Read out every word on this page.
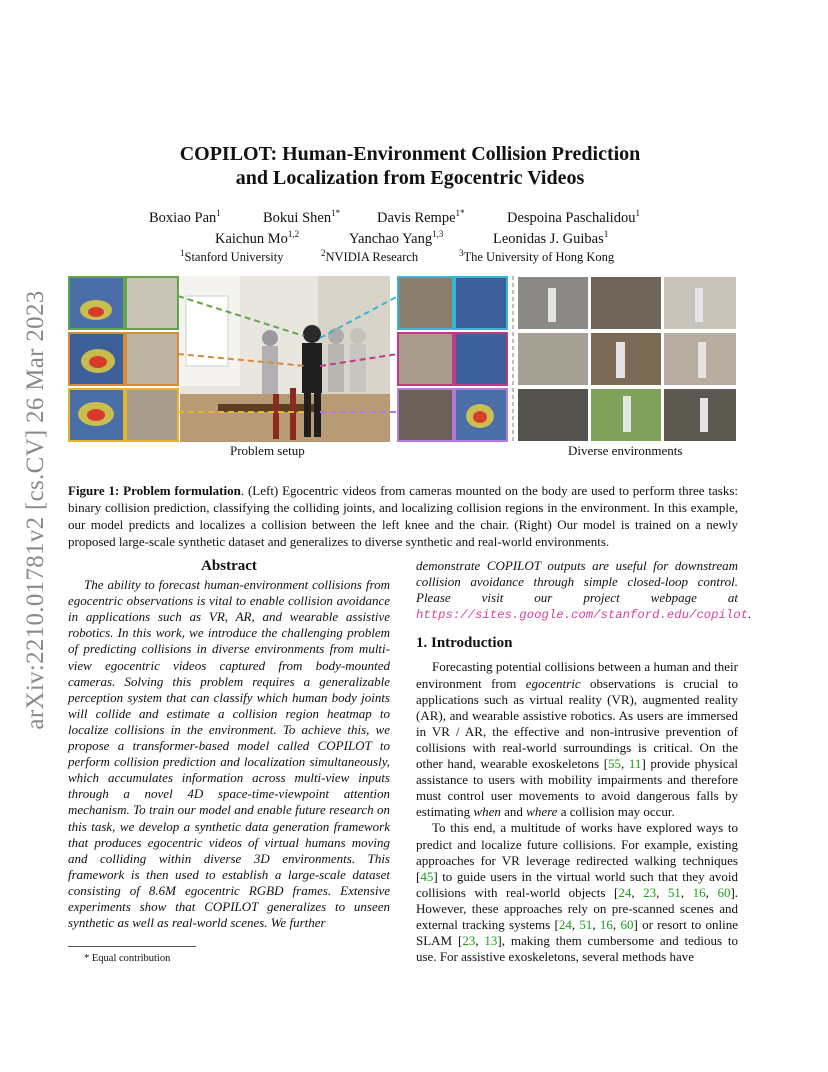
arXiv:2210.01781v2 [cs.CV] 26 Mar 2023
COPILOT: Human-Environment Collision Prediction
and Localization from Egocentric Videos
Boxiao Pan$^1$	Bokui Shen$^{1*}$	Davis Rempe$^{1*}$	Despoina Paschalidou$^1$
Kaichun Mo$^{1,2}$	Yanchao Yang$^{1,3}$	Leonidas J. Guibas$^1$
$^1$Stanford University	$^2$NVIDIA Research	$^3$The University of Hong Kong
Problem setup	Diverse environments
Figure 1: Problem formulation. (Left) Egocentric videos from cameras mounted on the body are used to perform three tasks: binary collision prediction, classifying the colliding joints, and localizing collision regions in the environment. In this example, our model predicts and localizes a collision between the left knee and the chair. (Right) Our model is trained on a newly proposed large-scale synthetic dataset and generalizes to diverse synthetic and real-world environments.
Abstract

The ability to forecast human-environment collisions from egocentric observations is vital to enable collision avoidance in applications such as VR, AR, and wearable assistive robotics. In this work, we introduce the challenging problem of predicting collisions in diverse environments from multi-view egocentric videos captured from body-mounted cameras. Solving this problem requires a generalizable perception system that can classify which human body joints will collide and estimate a collision region heatmap to localize collisions in the environment. To achieve this, we propose a transformer-based model called COPILOT to perform collision prediction and localization simultaneously, which accumulates information across multi-view inputs through a novel 4D space-time-viewpoint attention mechanism. To train our model and enable future research on this task, we develop a synthetic data generation framework that produces egocentric videos of virtual humans moving and colliding within diverse 3D environments. This framework is then used to establish a large-scale dataset consisting of 8.6M egocentric RGBD frames. Extensive experiments show that COPILOT generalizes to unseen synthetic as well as real-world scenes. We further

demonstrate COPILOT outputs are useful for downstream collision avoidance through simple closed-loop control. Please visit our project webpage at https://sites.google.com/stanford.edu/copilot.

1. Introduction

Forecasting potential collisions between a human and their environment from egocentric observations is crucial to applications such as virtual reality (VR), augmented reality (AR), and wearable assistive robotics. As users are immersed in VR / AR, the effective and non-intrusive prevention of collisions with real-world surroundings is critical. On the other hand, wearable exoskeletons [55, 11] provide physical assistance to users with mobility impairments and therefore must control user movements to avoid dangerous falls by estimating when and where a collision may occur.

To this end, a multitude of works have explored ways to predict and localize future collisions. For example, existing approaches for VR leverage redirected walking techniques [45] to guide users in the virtual world such that they avoid collisions with real-world objects [24, 23, 51, 16, 60]. However, these approaches rely on pre-scanned scenes and external tracking systems [24, 51, 16, 60] or resort to online SLAM [23, 13], making them cumbersome and tedious to use. For assistive exoskeletons, several methods have

* Equal contribution
